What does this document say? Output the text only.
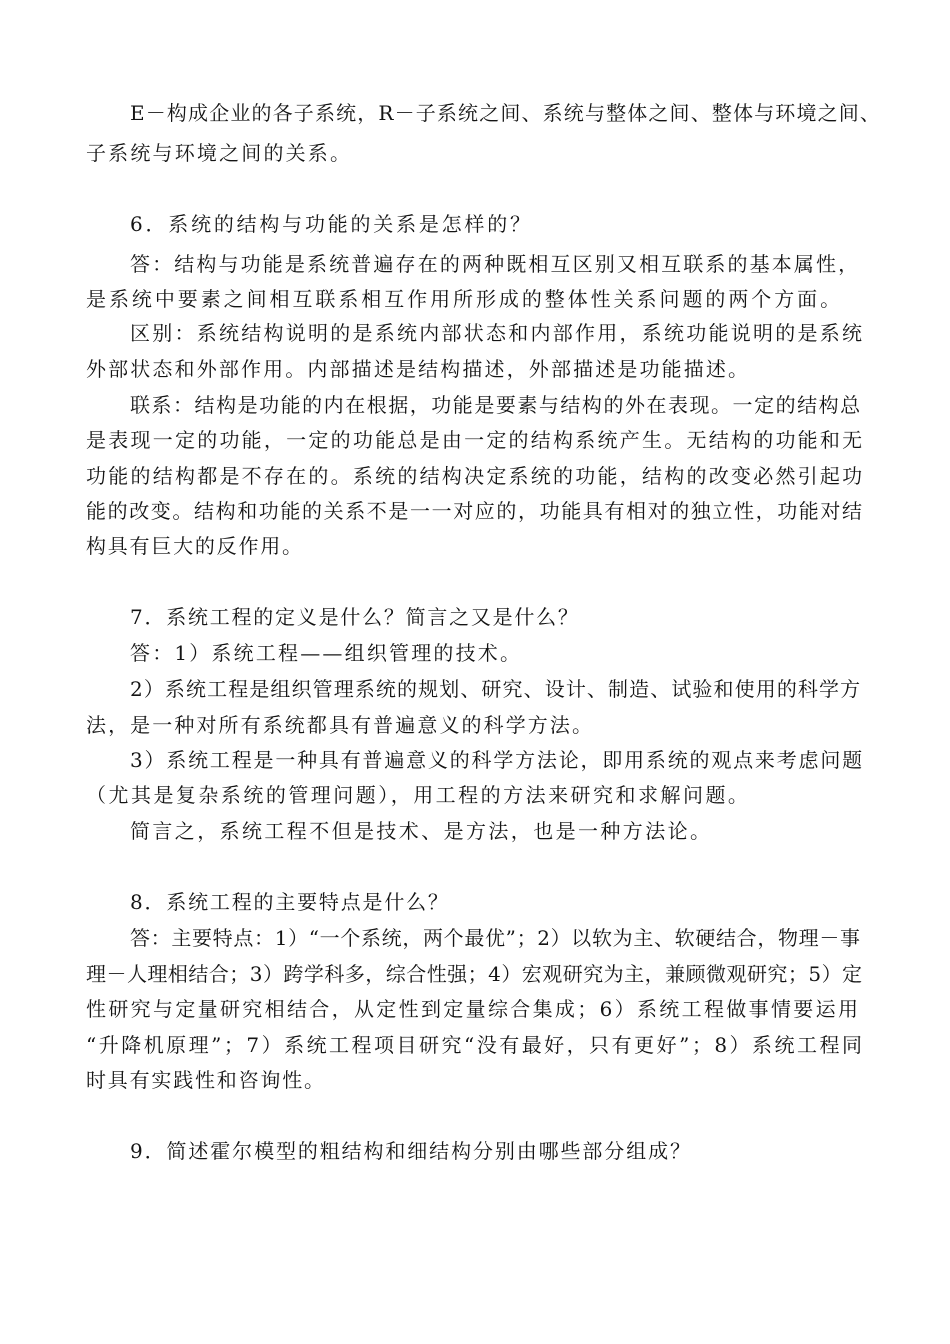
E－构成企业的各子系统，R－子系统之间、系统与整体之间、整体与环境之间、
子系统与环境之间的关系。
6．系统的结构与功能的关系是怎样的？
答：结构与功能是系统普遍存在的两种既相互区别又相互联系的基本属性，
是系统中要素之间相互联系相互作用所形成的整体性关系问题的两个方面。
区别：系统结构说明的是系统内部状态和内部作用，系统功能说明的是系统
外部状态和外部作用。内部描述是结构描述，外部描述是功能描述。
联系：结构是功能的内在根据，功能是要素与结构的外在表现。一定的结构总
是表现一定的功能，一定的功能总是由一定的结构系统产生。无结构的功能和无
功能的结构都是不存在的。系统的结构决定系统的功能，结构的改变必然引起功
能的改变。结构和功能的关系不是一一对应的，功能具有相对的独立性，功能对结
构具有巨大的反作用。
7．系统工程的定义是什么？简言之又是什么？
答：1）系统工程——组织管理的技术。
2）系统工程是组织管理系统的规划、研究、设计、制造、试验和使用的科学方
法，是一种对所有系统都具有普遍意义的科学方法。
3）系统工程是一种具有普遍意义的科学方法论，即用系统的观点来考虑问题
（尤其是复杂系统的管理问题），用工程的方法来研究和求解问题。
简言之，系统工程不但是技术、是方法，也是一种方法论。
8．系统工程的主要特点是什么？
答：主要特点：1）“一个系统，两个最优”；2）以软为主、软硬结合，物理－事
理－人理相结合；3）跨学科多，综合性强；4）宏观研究为主，兼顾微观研究；5）定
性研究与定量研究相结合，从定性到定量综合集成；6）系统工程做事情要运用
“升降机原理”；7）系统工程项目研究“没有最好，只有更好”；8）系统工程同
时具有实践性和咨询性。
9．简述霍尔模型的粗结构和细结构分别由哪些部分组成？
